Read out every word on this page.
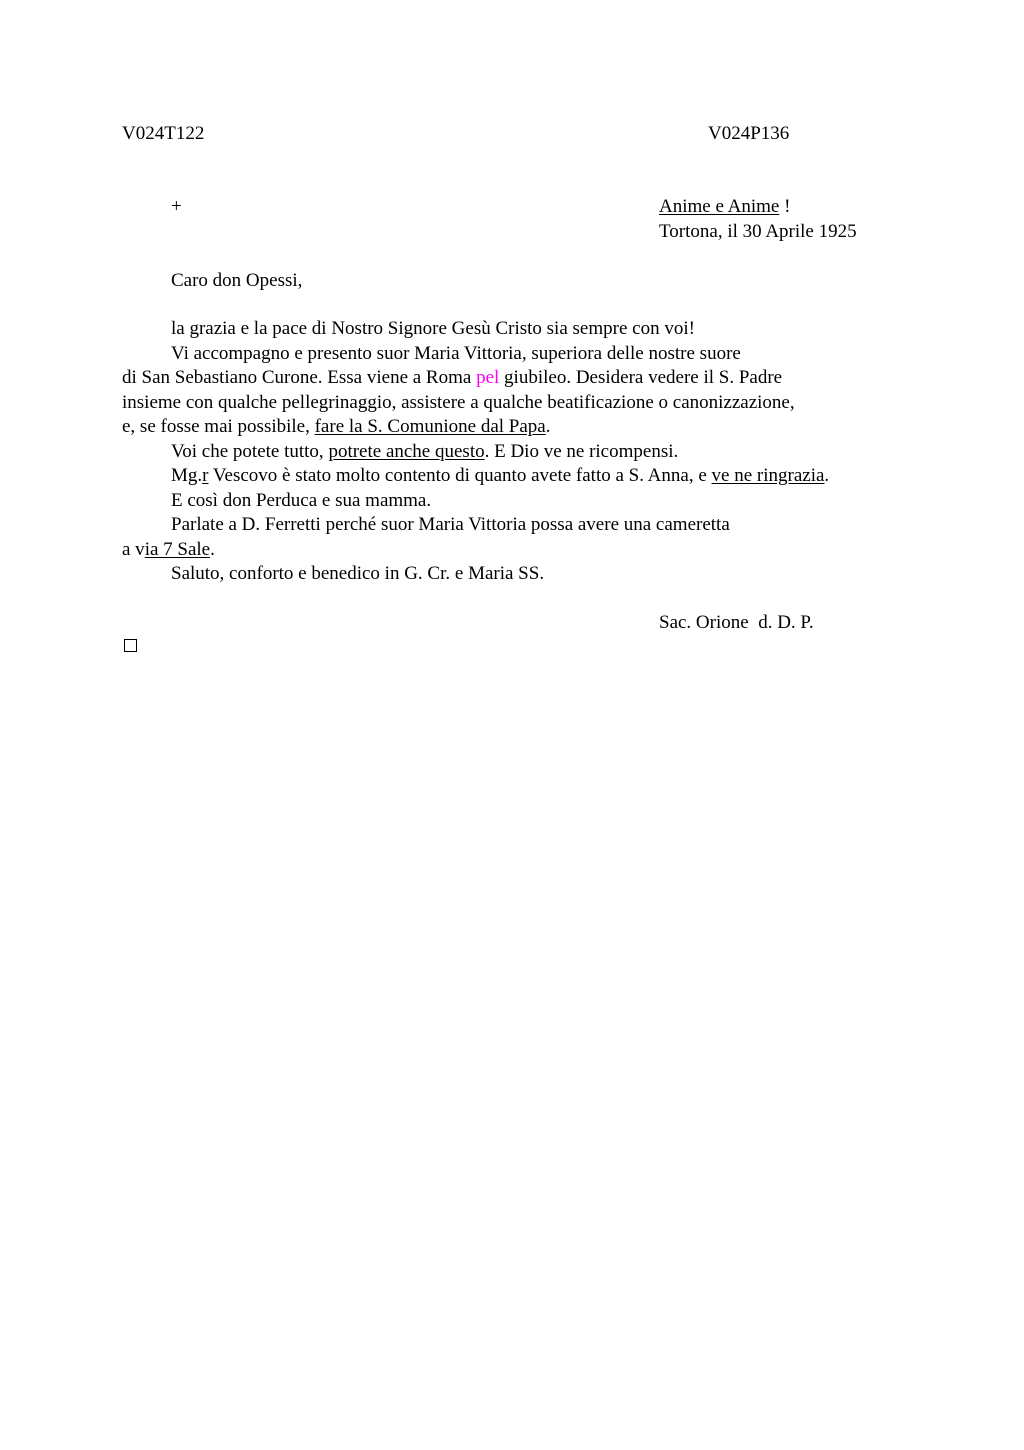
V024T122	V024P136
+	Anime e Anime !
Tortona, il 30 Aprile 1925
Caro don Opessi,
la grazia e la pace di Nostro Signore Gesù Cristo sia sempre con voi!
Vi accompagno e presento suor Maria Vittoria, superiora delle nostre suore
di San Sebastiano Curone. Essa viene a Roma pel giubileo. Desidera vedere il S. Padre
insieme con qualche pellegrinaggio, assistere a qualche beatificazione o canonizzazione,
e, se fosse mai possibile, fare la S. Comunione dal Papa.
Voi che potete tutto, potrete anche questo. E Dio ve ne ricompensi.
Mg.r Vescovo è stato molto contento di quanto avete fatto a S. Anna, e ve ne ringrazia.
E così don Perduca e sua mamma.
Parlate a D. Ferretti perché suor Maria Vittoria possa avere una cameretta
a via 7 Sale.
Saluto, conforto e benedico in G. Cr. e Maria SS.
Sac. Orione  d. D. P.
